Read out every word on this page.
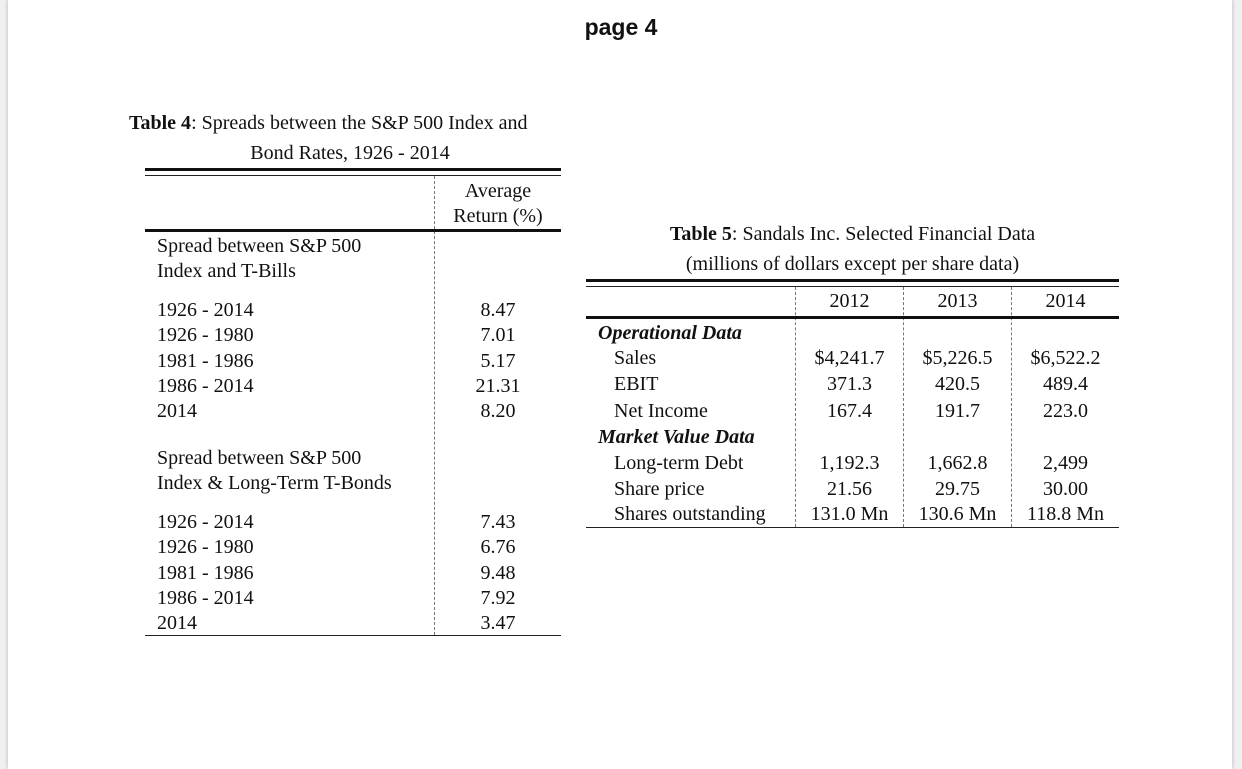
page 4
Table 4: Spreads between the S&P 500 Index and
Bond Rates, 1926 - 2014
Average
Return (%)
Spread between S&P 500
Index and T-Bills
1926 - 2014	8.47
1926 - 1980	7.01
1981 - 1986	5.17
1986 - 2014	21.31
2014	8.20
Spread between S&P 500
Index & Long-Term T-Bonds
1926 - 2014	7.43
1926 - 1980	6.76
1981 - 1986	9.48
1986 - 2014	7.92
2014	3.47
Table 5: Sandals Inc. Selected Financial Data
(millions of dollars except per share data)
2012	2013	2014
Operational Data
Sales	$4,241.7	$5,226.5	$6,522.2
EBIT	371.3	420.5	489.4
Net Income	167.4	191.7	223.0
Market Value Data
Long-term Debt	1,192.3	1,662.8	2,499
Share price	21.56	29.75	30.00
Shares outstanding	131.0 Mn	130.6 Mn	118.8 Mn
